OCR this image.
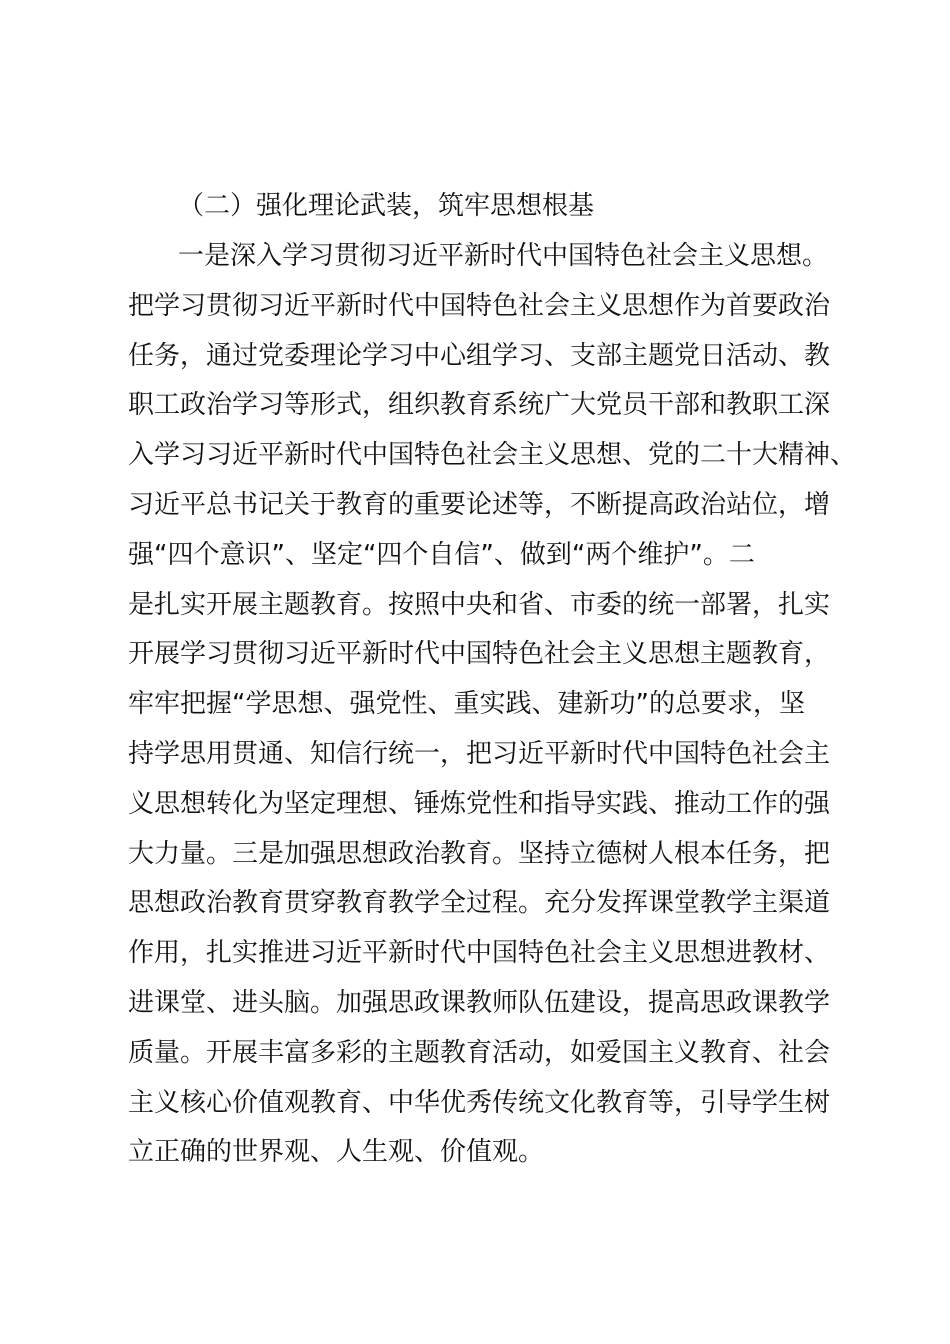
（二）强化理论武装，筑牢思想根基
一是深入学习贯彻习近平新时代中国特色社会主义思想。
把学习贯彻习近平新时代中国特色社会主义思想作为首要政治
任务，通过党委理论学习中心组学习、支部主题党日活动、教
职工政治学习等形式，组织教育系统广大党员干部和教职工深
入学习习近平新时代中国特色社会主义思想、党的二十大精神、
习近平总书记关于教育的重要论述等，不断提高政治站位，增
强“四个意识”、坚定“四个自信”、做到“两个维护”。二
是扎实开展主题教育。按照中央和省、市委的统一部署，扎实
开展学习贯彻习近平新时代中国特色社会主义思想主题教育，
牢牢把握“学思想、强党性、重实践、建新功”的总要求，坚
持学思用贯通、知信行统一，把习近平新时代中国特色社会主
义思想转化为坚定理想、锤炼党性和指导实践、推动工作的强
大力量。三是加强思想政治教育。坚持立德树人根本任务，把
思想政治教育贯穿教育教学全过程。充分发挥课堂教学主渠道
作用，扎实推进习近平新时代中国特色社会主义思想进教材、
进课堂、进头脑。加强思政课教师队伍建设，提高思政课教学
质量。开展丰富多彩的主题教育活动，如爱国主义教育、社会
主义核心价值观教育、中华优秀传统文化教育等，引导学生树
立正确的世界观、人生观、价值观。
